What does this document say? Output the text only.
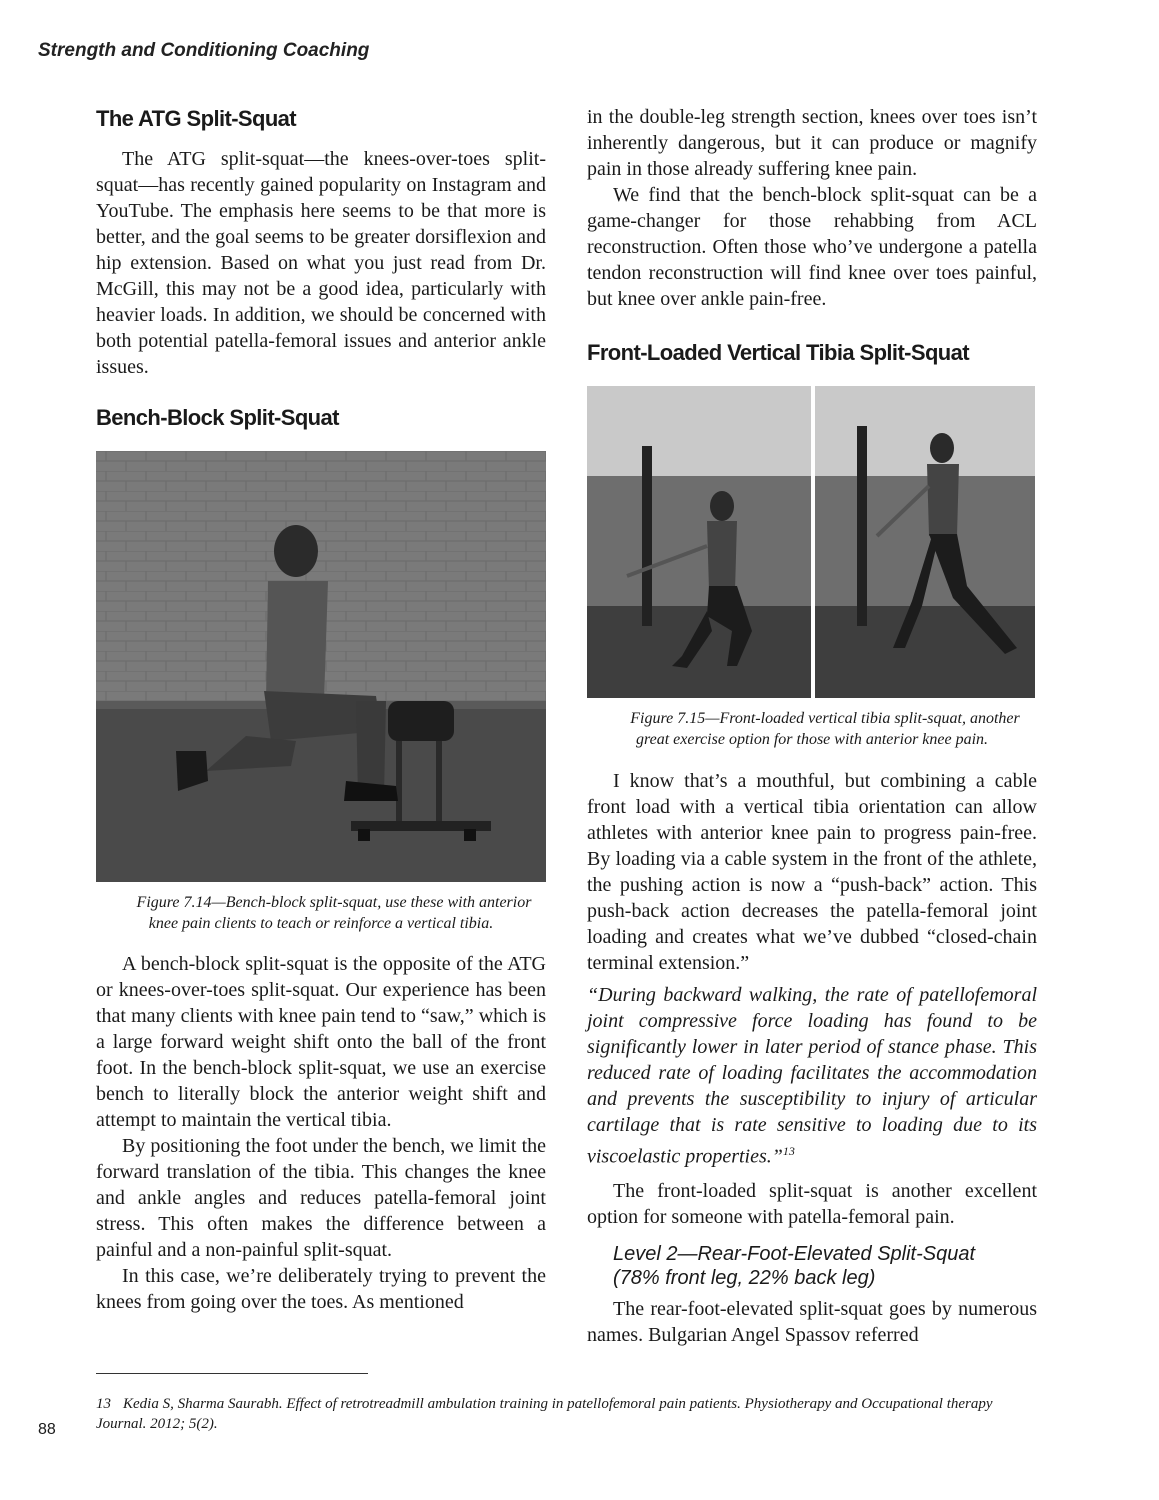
Strength and Conditioning Coaching
The ATG Split-Squat

The ATG split-squat—the knees-over-toes split-squat—has recently gained popularity on Instagram and YouTube. The emphasis here seems to be that more is better, and the goal seems to be greater dorsiflexion and hip extension. Based on what you just read from Dr. McGill, this may not be a good idea, particularly with heavier loads. In addition, we should be concerned with both potential patella-femoral issues and anterior ankle issues.

Bench-Block Split-Squat

Figure 7.14—Bench-block split-squat, use these with anterior knee pain clients to teach or reinforce a vertical tibia.

A bench-block split-squat is the opposite of the ATG or knees-over-toes split-squat. Our experience has been that many clients with knee pain tend to “saw,” which is a large forward weight shift onto the ball of the front foot. In the bench-block split-squat, we use an exercise bench to literally block the anterior weight shift and attempt to maintain the vertical tibia.

By positioning the foot under the bench, we limit the forward translation of the tibia. This changes the knee and ankle angles and reduces patella-femoral joint stress. This often makes the difference between a painful and a non-painful split-squat.

In this case, we’re deliberately trying to prevent the knees from going over the toes. As mentioned

in the double-leg strength section, knees over toes isn’t inherently dangerous, but it can produce or magnify pain in those already suffering knee pain.

We find that the bench-block split-squat can be a game-changer for those rehabbing from ACL reconstruction. Often those who’ve undergone a patella tendon reconstruction will find knee over toes painful, but knee over ankle pain-free.

Front-Loaded Vertical Tibia Split-Squat

Figure 7.15—Front-loaded vertical tibia split-squat, another great exercise option for those with anterior knee pain.

I know that’s a mouthful, but combining a cable front load with a vertical tibia orientation can allow athletes with anterior knee pain to progress pain-free. By loading via a cable system in the front of the athlete, the pushing action is now a “push-back” action. This push-back action decreases the patella-femoral joint loading and creates what we’ve dubbed “closed-chain terminal extension.”

“During backward walking, the rate of patellofemoral joint compressive force loading has found to be significantly lower in later period of stance phase. This reduced rate of loading facilitates the accommodation and prevents the susceptibility to injury of articular cartilage that is rate sensitive to loading due to its viscoelastic properties.”$^{13}$

The front-loaded split-squat is another excellent option for someone with patella-femoral pain.

Level 2—Rear-Foot-Elevated Split-Squat

(78% front leg, 22% back leg)

The rear-foot-elevated split-squat goes by numerous names. Bulgarian Angel Spassov referred

13 Kedia S, Sharma Saurabh. Effect of retrotreadmill ambulation training in patellofemoral pain patients. Physiotherapy and Occupational therapy Journal. 2012; 5(2).
88
